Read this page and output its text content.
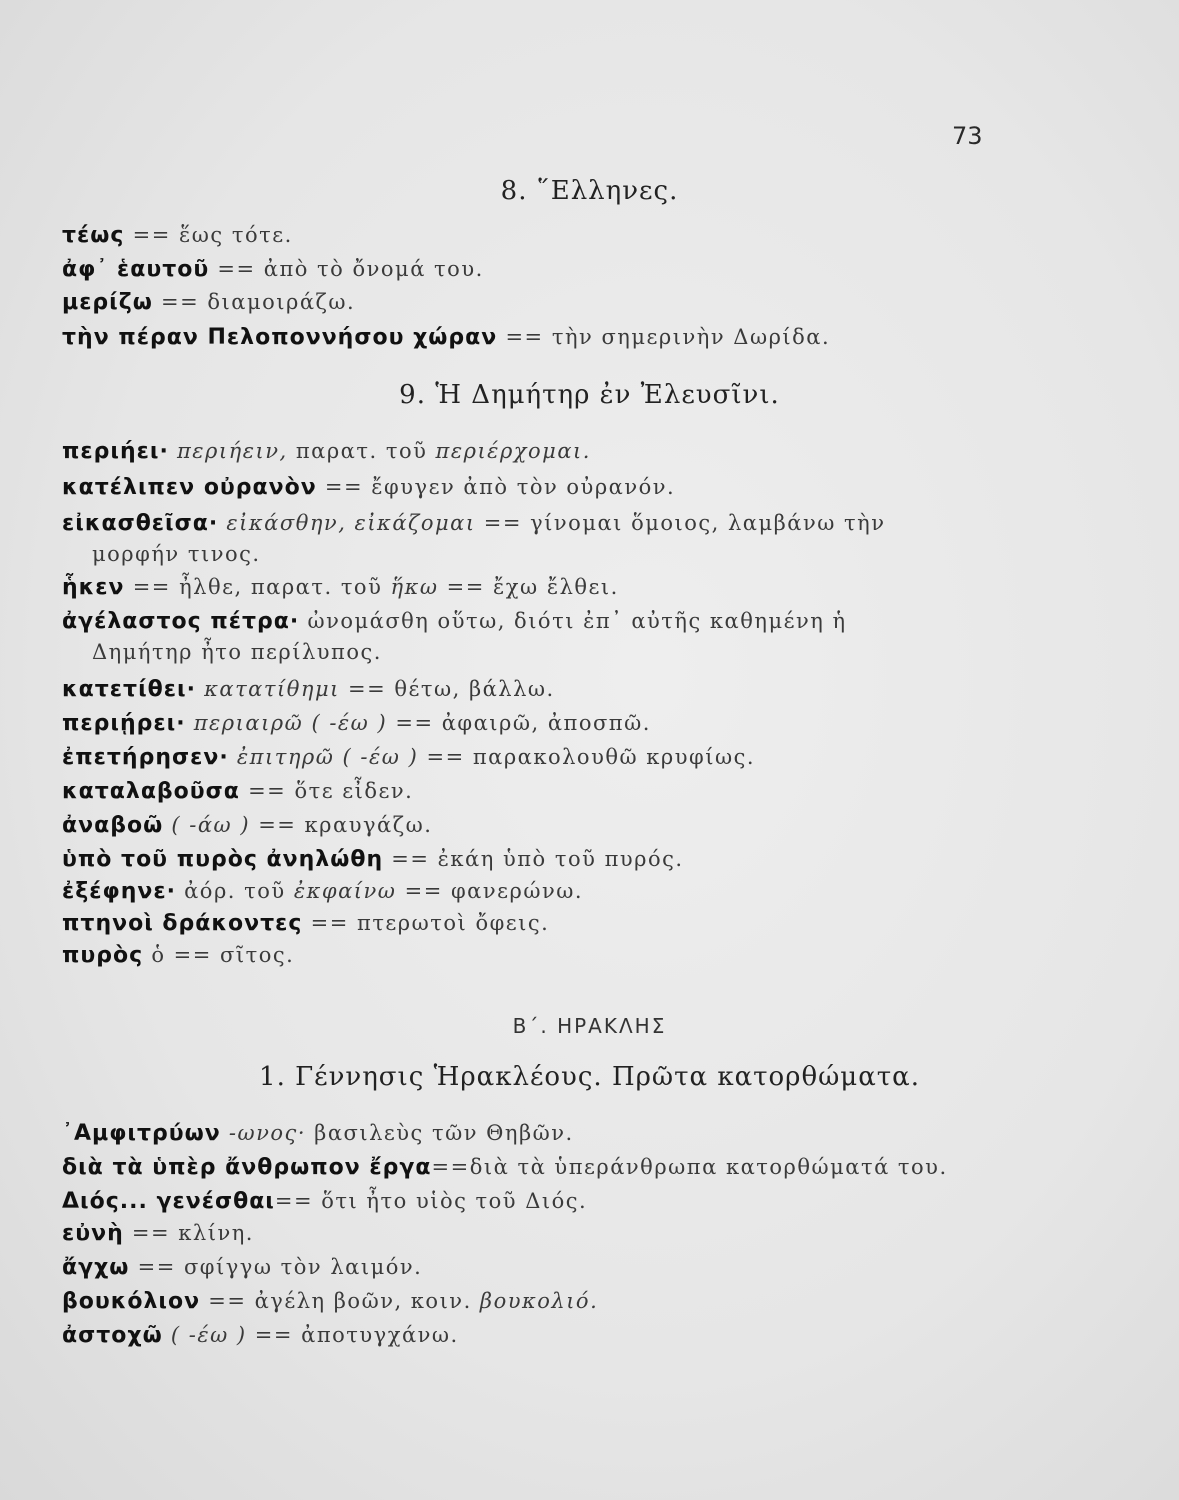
73
8. ῞Ελληνες.
τέως == ἕως τότε.
ἀφ᾽ ἑαυτοῦ == ἀπὸ τὸ ὄνομά του.
μερίζω == διαμοιράζω.
τὴν πέραν Πελοποννήσου χώραν == τὴν σημερινὴν Δωρίδα.
9. Ἡ Δημήτηρ ἐν Ἐλευσῖνι.
περιήει· περιήειν, παρατ. τοῦ περιέρχομαι.
κατέλιπεν οὐρανὸν == ἔφυγεν ἀπὸ τὸν οὐρανόν.
εἰκασθεῖσα· εἰκάσθην, εἰκάζομαι == γίνομαι ὅμοιος, λαμβάνω τὴν
μορφήν τινος.
ἧκεν == ἦλθε, παρατ. τοῦ ἥκω == ἔχω ἔλθει.
ἀγέλαστος πέτρα· ὠνομάσθη οὕτω, διότι ἐπ᾽ αὐτῆς καθημένη ἡ
Δημήτηρ ἦτο περίλυπος.
κατετίθει· κατατίθημι == θέτω, βάλλω.
περιῄρει· περιαιρῶ ( -έω ) == ἀφαιρῶ, ἀποσπῶ.
ἐπετήρησεν· ἐπιτηρῶ ( -έω ) == παρακολουθῶ κρυφίως.
καταλαβοῦσα == ὅτε εἶδεν.
ἀναβοῶ ( -άω ) == κραυγάζω.
ὑπὸ τοῦ πυρὸς ἀνηλώθη == ἐκάη ὑπὸ τοῦ πυρός.
ἐξέφηνε· ἀόρ. τοῦ ἐκφαίνω == φανερώνω.
πτηνοὶ δράκοντες == πτερωτοὶ ὄφεις.
πυρὸς ὁ == σῖτος.
Β΄. ΗΡΑΚΛΗΣ
1. Γέννησις Ἡρακλέους. Πρῶτα κατορθώματα.
᾽Αμφιτρύων -ωνος· βασιλεὺς τῶν Θηβῶν.
διὰ τὰ ὑπὲρ ἄνθρωπον ἔργα==διὰ τὰ ὑπεράνθρωπα κατορθώματά του.
Διός... γενέσθαι== ὅτι ἦτο υἱὸς τοῦ Διός.
εὐνὴ == κλίνη.
ἄγχω == σφίγγω τὸν λαιμόν.
βουκόλιον == ἀγέλη βοῶν, κοιν. βουκολιό.
ἀστοχῶ ( -έω ) == ἀποτυγχάνω.
